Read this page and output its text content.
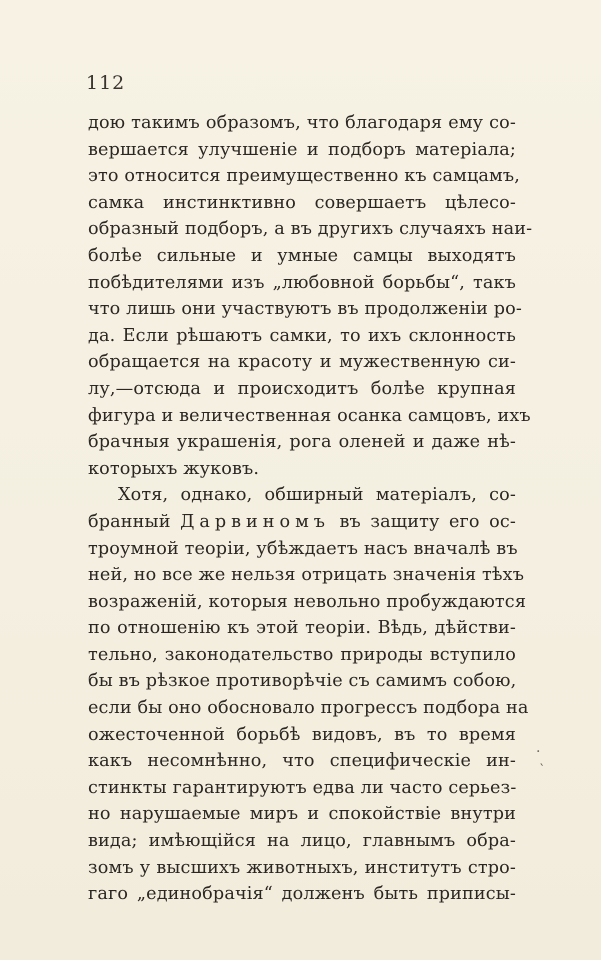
112
дою такимъ образомъ, что благодаря ему со-
вершается улучшеніе и подборъ матеріала;
это относится преимущественно къ самцамъ,
самка инстинктивно совершаетъ цѣлесо-
образный подборъ, а въ другихъ случаяхъ наи-
болѣе сильные и умные самцы выходятъ
побѣдителями изъ „любовной борьбы“, такъ
что лишь они участвуютъ въ продолженіи ро-
да. Если рѣшаютъ самки, то ихъ склонность
обращается на красоту и мужественную си-
лу,—отсюда и происходитъ болѣе крупная
фигура и величественная осанка самцовъ, ихъ
брачныя украшенія, рога оленей и даже нѣ-
которыхъ жуковъ.
Хотя, однако, обширный матеріалъ, со-
бранный Дарвиномъ въ защиту его ос-
троумной теоріи, убѣждаетъ насъ вначалѣ въ
ней, но все же нельзя отрицать значенія тѣхъ
возраженій, которыя невольно пробуждаются
по отношенію къ этой теоріи. Вѣдь, дѣйстви-
тельно, законодательство природы вступило
бы въ рѣзкое противорѣчіе съ самимъ собою,
если бы оно обосновало прогрессъ подбора на
ожесточенной борьбѣ видовъ, въ то время
какъ несомнѣнно, что специфическіе ин-
стинкты гарантируютъ едва ли часто серьез-
но нарушаемые миръ и спокойствіе внутри
вида; имѣющійся на лицо, главнымъ обра-
зомъ у высшихъ животныхъ, институтъ стро-
гаго „единобрачія“ долженъ быть приписы-
.
‵
